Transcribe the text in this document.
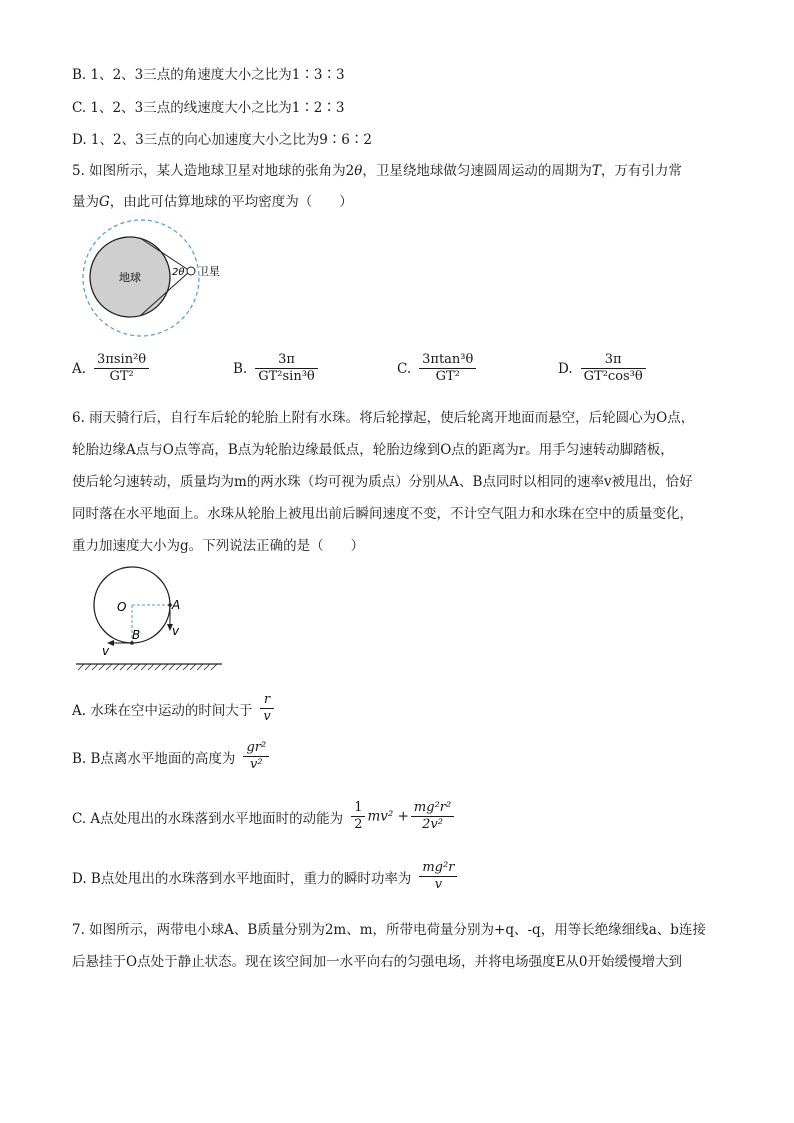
B. 1、2、3三点的角速度大小之比为1∶3∶3
C. 1、2、3三点的线速度大小之比为1∶2∶3
D. 1、2、3三点的向心加速度大小之比为9∶6∶2
5. 如图所示，某人造地球卫星对地球的张角为2θ，卫星绕地球做匀速圆周运动的周期为T，万有引力常
量为G，由此可估算地球的平均密度为（　　）
地球	2θ 卫星
A. $\frac{\text{3πsin²θ}}{\text{GT²}}$	B. $\frac{3\pi}{\text{GT²sin³θ}}$	C. $\frac{\text{3πtan³θ}}{\text{GT²}}$	D. $\frac{3\pi}{\text{GT²cos³θ}}$
6. 雨天骑行后，自行车后轮的轮胎上附有水珠。将后轮撑起，使后轮离开地面而悬空，后轮圆心为O点，
轮胎边缘A点与O点等高，B点为轮胎边缘最低点，轮胎边缘到O点的距离为r。用手匀速转动脚踏板，
使后轮匀速转动，质量均为m的两水珠（均可视为质点）分别从A、B点同时以相同的速率v被甩出，恰好
同时落在水平地面上。水珠从轮胎上被甩出前后瞬间速度不变，不计空气阻力和水珠在空中的质量变化，
重力加速度大小为g。下列说法正确的是（　　）
O	A
B	v
v
A. 水珠在空中运动的时间大于 $\frac{r}{v}$
B. B点离水平地面的高度为 $\frac{\text{gr²}}{\text{v²}}$
C. A点处甩出的水珠落到水平地面时的动能为 $\frac{1}{2} mv^2 + \frac{\text{mg²r²}}{\text{2v²}}$
D. B点处甩出的水珠落到水平地面时，重力的瞬时功率为 $\frac{\text{mg²r}}{v}$
7. 如图所示，两带电小球A、B质量分别为2m、m，所带电荷量分别为+q、-q，用等长绝缘细线a、b连接
后悬挂于O点处于静止状态。现在该空间加一水平向右的匀强电场，并将电场强度E从0开始缓慢增大到
